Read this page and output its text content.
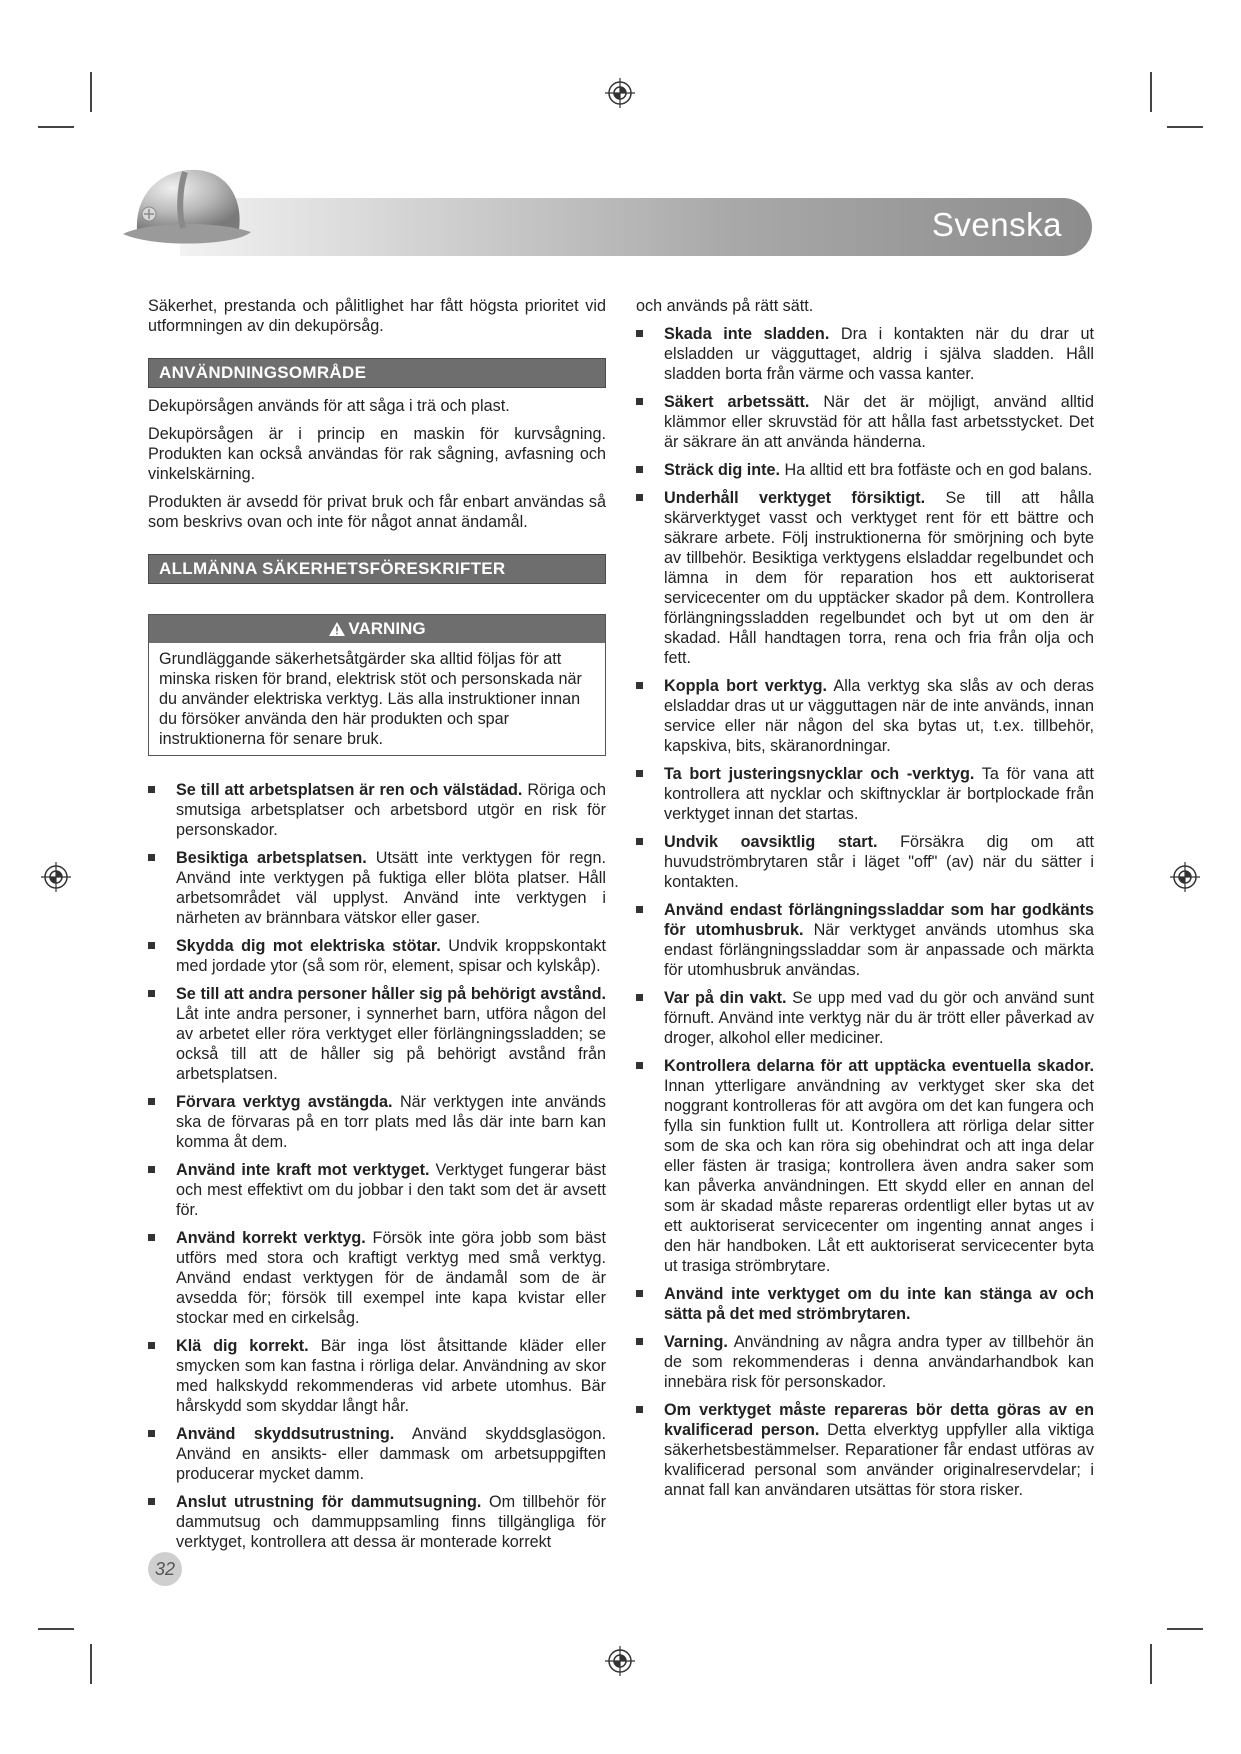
Svenska

Säkerhet, prestanda och pålitlighet har fått högsta prioritet vid utformningen av din dekupörsåg.

ANVÄNDNINGSOMRÅDE

Dekupörsågen används för att såga i trä och plast.

Dekupörsågen är i princip en maskin för kurvsågning. Produkten kan också användas för rak sågning, avfasning och vinkelskärning.

Produkten är avsedd för privat bruk och får enbart användas så som beskrivs ovan och inte för något annat ändamål.

ALLMÄNNA SÄKERHETSFÖRESKRIFTER
VARNING
Grundläggande säkerhetsåtgärder ska alltid följas för att minska risken för brand, elektrisk stöt och personskada när du använder elektriska verktyg. Läs alla instruktioner innan du försöker använda den här produkten och spar instruktionerna för senare bruk.
Se till att arbetsplatsen är ren och välstädad. Röriga och smutsiga arbetsplatser och arbetsbord utgör en risk för personskador.
Besiktiga arbetsplatsen. Utsätt inte verktygen för regn. Använd inte verktygen på fuktiga eller blöta platser. Håll arbetsområdet väl upplyst. Använd inte verktygen i närheten av brännbara vätskor eller gaser.
Skydda dig mot elektriska stötar. Undvik kroppskontakt med jordade ytor (så som rör, element, spisar och kylskåp).
Se till att andra personer håller sig på behörigt avstånd. Låt inte andra personer, i synnerhet barn, utföra någon del av arbetet eller röra verktyget eller förlängningssladden; se också till att de håller sig på behörigt avstånd från arbetsplatsen.
Förvara verktyg avstängda. När verktygen inte används ska de förvaras på en torr plats med lås där inte barn kan komma åt dem.
Använd inte kraft mot verktyget. Verktyget fungerar bäst och mest effektivt om du jobbar i den takt som det är avsett för.
Använd korrekt verktyg. Försök inte göra jobb som bäst utförs med stora och kraftigt verktyg med små verktyg. Använd endast verktygen för de ändamål som de är avsedda för; försök till exempel inte kapa kvistar eller stockar med en cirkelsåg.
Klä dig korrekt. Bär inga löst åtsittande kläder eller smycken som kan fastna i rörliga delar. Användning av skor med halkskydd rekommenderas vid arbete utomhus. Bär hårskydd som skyddar långt hår.
Använd skyddsutrustning. Använd skyddsglasögon. Använd en ansikts- eller dammask om arbetsuppgiften producerar mycket damm.
Anslut utrustning för dammutsugning. Om tillbehör för dammutsug och dammuppsamling finns tillgängliga för verktyget, kontrollera att dessa är monterade korrekt

och används på rätt sätt.

Skada inte sladden. Dra i kontakten när du drar ut elsladden ur vägguttaget, aldrig i själva sladden. Håll sladden borta från värme och vassa kanter.
Säkert arbetssätt. När det är möjligt, använd alltid klämmor eller skruvstäd för att hålla fast arbetsstycket. Det är säkrare än att använda händerna.
Sträck dig inte. Ha alltid ett bra fotfäste och en god balans.
Underhåll verktyget försiktigt. Se till att hålla skärverktyget vasst och verktyget rent för ett bättre och säkrare arbete. Följ instruktionerna för smörjning och byte av tillbehör. Besiktiga verktygens elsladdar regelbundet och lämna in dem för reparation hos ett auktoriserat servicecenter om du upptäcker skador på dem. Kontrollera förlängningssladden regelbundet och byt ut om den är skadad. Håll handtagen torra, rena och fria från olja och fett.
Koppla bort verktyg. Alla verktyg ska slås av och deras elsladdar dras ut ur vägguttagen när de inte används, innan service eller när någon del ska bytas ut, t.ex. tillbehör, kapskiva, bits, skäranordningar.
Ta bort justeringsnycklar och -verktyg. Ta för vana att kontrollera att nycklar och skiftnycklar är bortplockade från verktyget innan det startas.
Undvik oavsiktlig start. Försäkra dig om att huvudströmbrytaren står i läget "off" (av) när du sätter i kontakten.
Använd endast förlängningssladdar som har godkänts för utomhusbruk. När verktyget används utomhus ska endast förlängningssladdar som är anpassade och märkta för utomhusbruk användas.
Var på din vakt. Se upp med vad du gör och använd sunt förnuft. Använd inte verktyg när du är trött eller påverkad av droger, alkohol eller mediciner.
Kontrollera delarna för att upptäcka eventuella skador. Innan ytterligare användning av verktyget sker ska det noggrant kontrolleras för att avgöra om det kan fungera och fylla sin funktion fullt ut. Kontrollera att rörliga delar sitter som de ska och kan röra sig obehindrat och att inga delar eller fästen är trasiga; kontrollera även andra saker som kan påverka användningen. Ett skydd eller en annan del som är skadad måste repareras ordentligt eller bytas ut av ett auktoriserat servicecenter om ingenting annat anges i den här handboken. Låt ett auktoriserat servicecenter byta ut trasiga strömbrytare.
Använd inte verktyget om du inte kan stänga av och sätta på det med strömbrytaren.
Varning. Användning av några andra typer av tillbehör än de som rekommenderas i denna användarhandbok kan innebära risk för personskador.
Om verktyget måste repareras bör detta göras av en kvalificerad person. Detta elverktyg uppfyller alla viktiga säkerhetsbestämmelser. Reparationer får endast utföras av kvalificerad personal som använder originalreservdelar; i annat fall kan användaren utsättas för stora risker.
32
